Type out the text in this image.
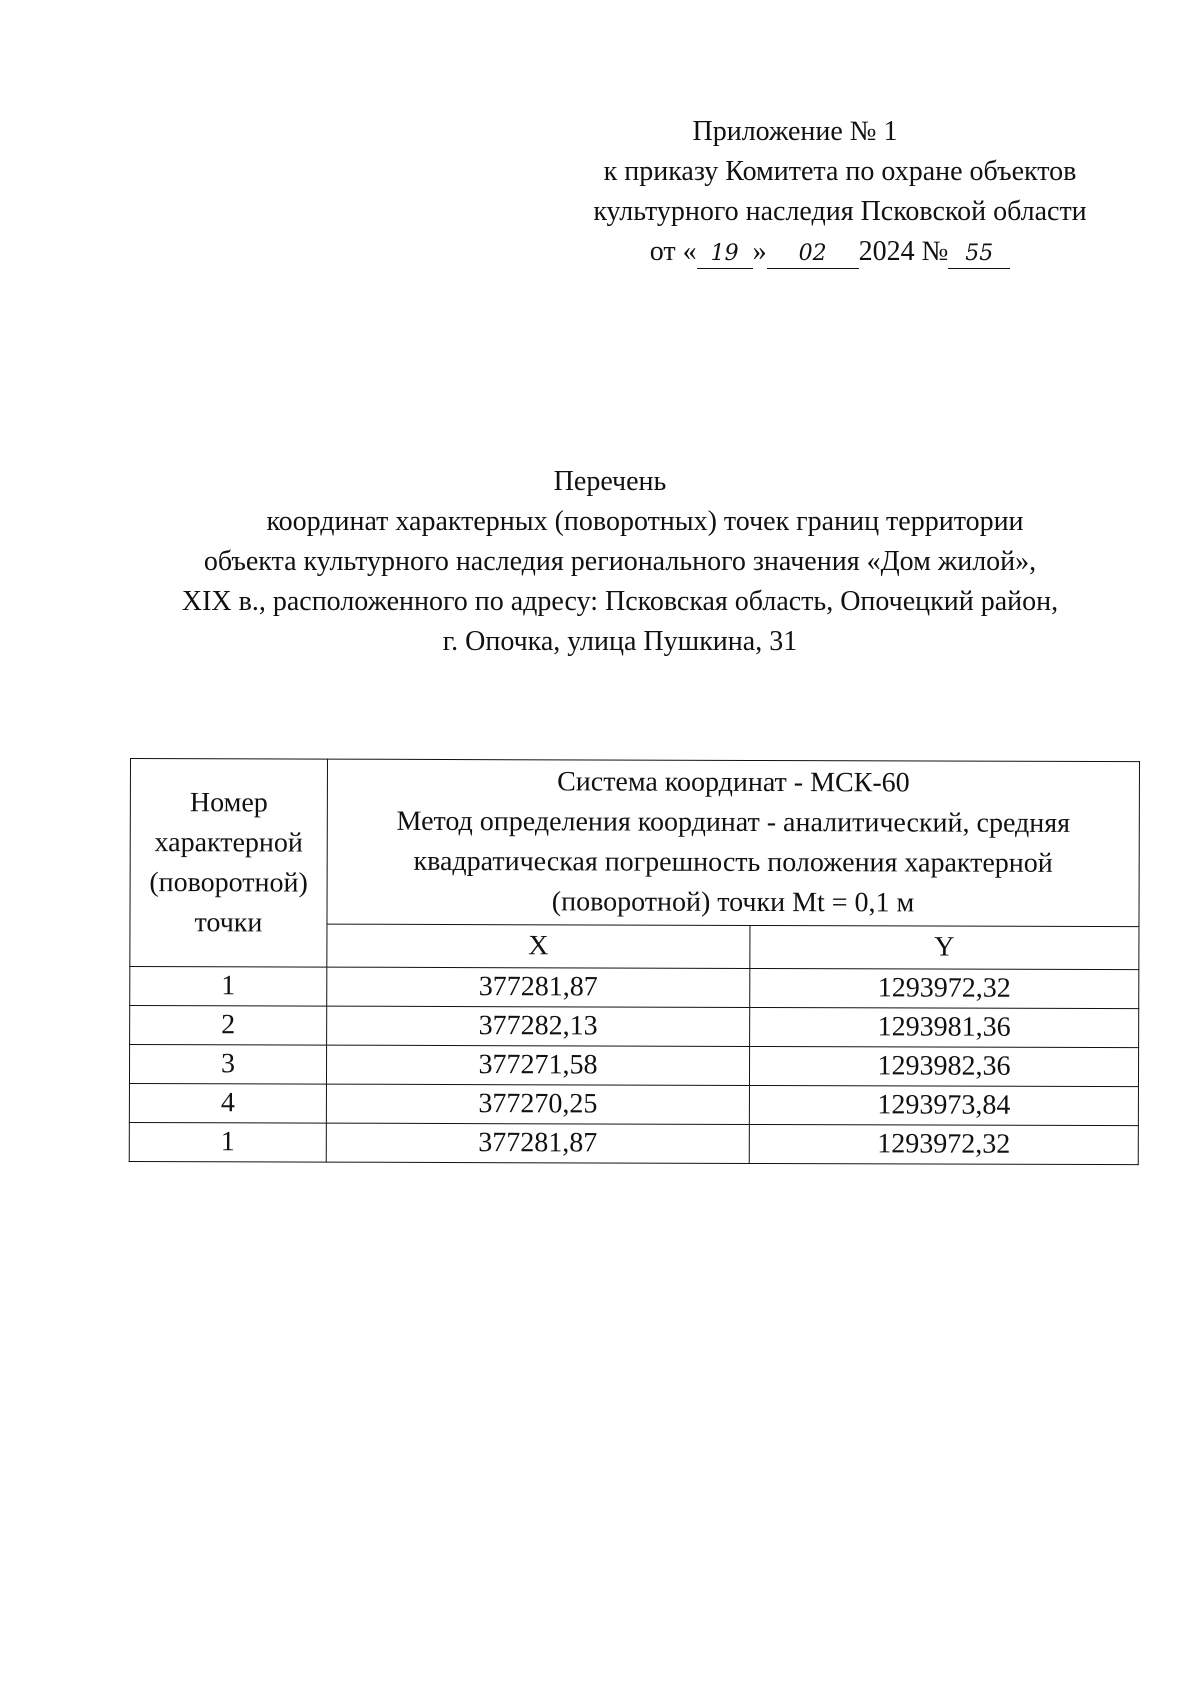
Приложение № 1
к приказу Комитета по охране объектов
культурного наследия Псковской области
от « 19 » 02 2024 № 55
Перечень
координат характерных (поворотных) точек границ территории
объекта культурного наследия регионального значения «Дом жилой»,
XIX в., расположенного по адресу: Псковская область, Опочецкий район,
г. Опочка, улица Пушкина, 31
Номер
характерной
(поворотной)
точки	Система координат - МСК-60
Метод определения координат - аналитический, средняя
квадратическая погрешность положения характерной
(поворотной) точки Mt = 0,1 м	

	X	Y
1	377281,87	1293972,32
2	377282,13	1293981,36
3	377271,58	1293982,36
4	377270,25	1293973,84
1	377281,87	1293972,32
